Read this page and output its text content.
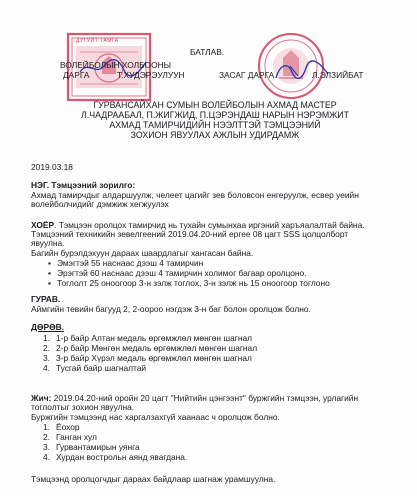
ДУГУЙТ ТАМГА
ВОЛЕЙБОЛЫН ХОЛБООНЫ
ДАРГА	Т.ХУДЭРЭУЛУУН
БАТЛАВ.
ЗАСАГ ДАРГА	Л.ЭЛЗИЙБАТ
ГУРВАНСАЙХАН СУМЫН ВОЛЕЙБОЛЫН АХМАД МАСТЕР
Л.ЧАДРААБАЛ, П.ЖИГЖИД, П.ЦЭРЭНДАШ НАРЫН НЭРЭМЖИТ
АХМАД ТАМИРЧИДИЙН НЭЭЛТТЭЙ ТЭМЦЭЭНИЙ
ЗОХИОН ЯВУУЛАХ АЖЛЫН УДИРДАМЖ
2019.03.18
НЭГ. Тэмцээний зорилго:
Ахмад тамирчдыг алдаршуулж, челеет цагийг зев боловсон енгеруулж, есвер уеийн
волейболчидийг дэмжиж хегжуулэх
ХОЁР. Тэмцээн оролцох тамирчид нь тухайн сумынхаа иргэний харъяалалтай байна.
Тэмцээний техникийн зевелгеений 2019.04.20-ний ергее 08 цагт SSS цолцолборт
явуулна.
Багийн бурэлдэхуун дараах шаардлагыг хангасан байна.
▪ Эмэгтэй 55 наснаас дээш 4 тамирчин
▪ Эрэгтэй 60 наснаас дээш 4 тамирчин холимог багаар оролцоно.
▪ Тоглолт 25 оноогоор 3-н зэлж тоглох, 3-н зэлж нь 15 оноогоор тоглоно
ГУРАВ.
Аймгийн тевийн багууд 2, 2-оороо нэгдэж 3-н баг болон оролцож болно.
ДӨРӨВ.
1. 1-р байр Алтан медаль өргөмжлөл мөнгөн шагнал
2. 2-р байр Мөнгөн медаль өргөмжлөл мөнгөн шагнал
3. 3-р байр Хүрэл медаль өргөмжлөл мөнгөн шагнал
4. Тусгай байр шагналтай
Жич: 2019.04.20-ний оройн 20 цагт "Нийтийн цэнгээнт" буржгийн тэмцээн, урлагийн
тоглолтыг зохион явуулна.
Буржгийн тэмцээнд нас харгалзахгүй хаанаас ч оролцож болно.
1. Ёохор
2. Ганган хул
3. Гурвантамирын уянга
4. Хурдан вострольн аянд явагдана.
Тэмцээнд оролцогчдыг дараах байдлаар шагнаж урамшуулна.
